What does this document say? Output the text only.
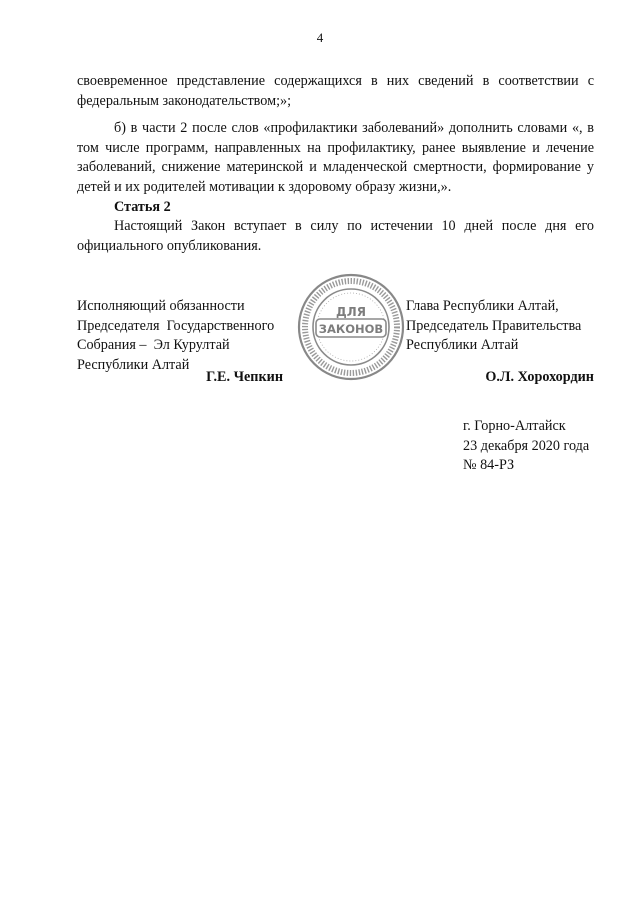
4

своевременное представление содержащихся в них сведений в соответствии с федеральным законодательством;»;

б) в части 2 после слов «профилактики заболеваний» дополнить словами «, в том числе программ, направленных на профилактику, ранее выявление и лечение заболеваний, снижение материнской и младенческой смертности, формирование у детей и их родителей мотивации к здоровому образу жизни,».

Статья 2

Настоящий Закон вступает в силу по истечении 10 дней после дня его официального опубликования.

Исполняющий обязанности
Председателя  Государственного
Собрания –  Эл Курултай
Республики Алтай
Г.Е. Чепкин
Глава Республики Алтай,
Председатель Правительства
Республики Алтай
О.Л. Хорохордин
ДЛЯ
ЗАКОНОВ
г. Горно-Алтайск
23 декабря 2020 года
№ 84-РЗ
